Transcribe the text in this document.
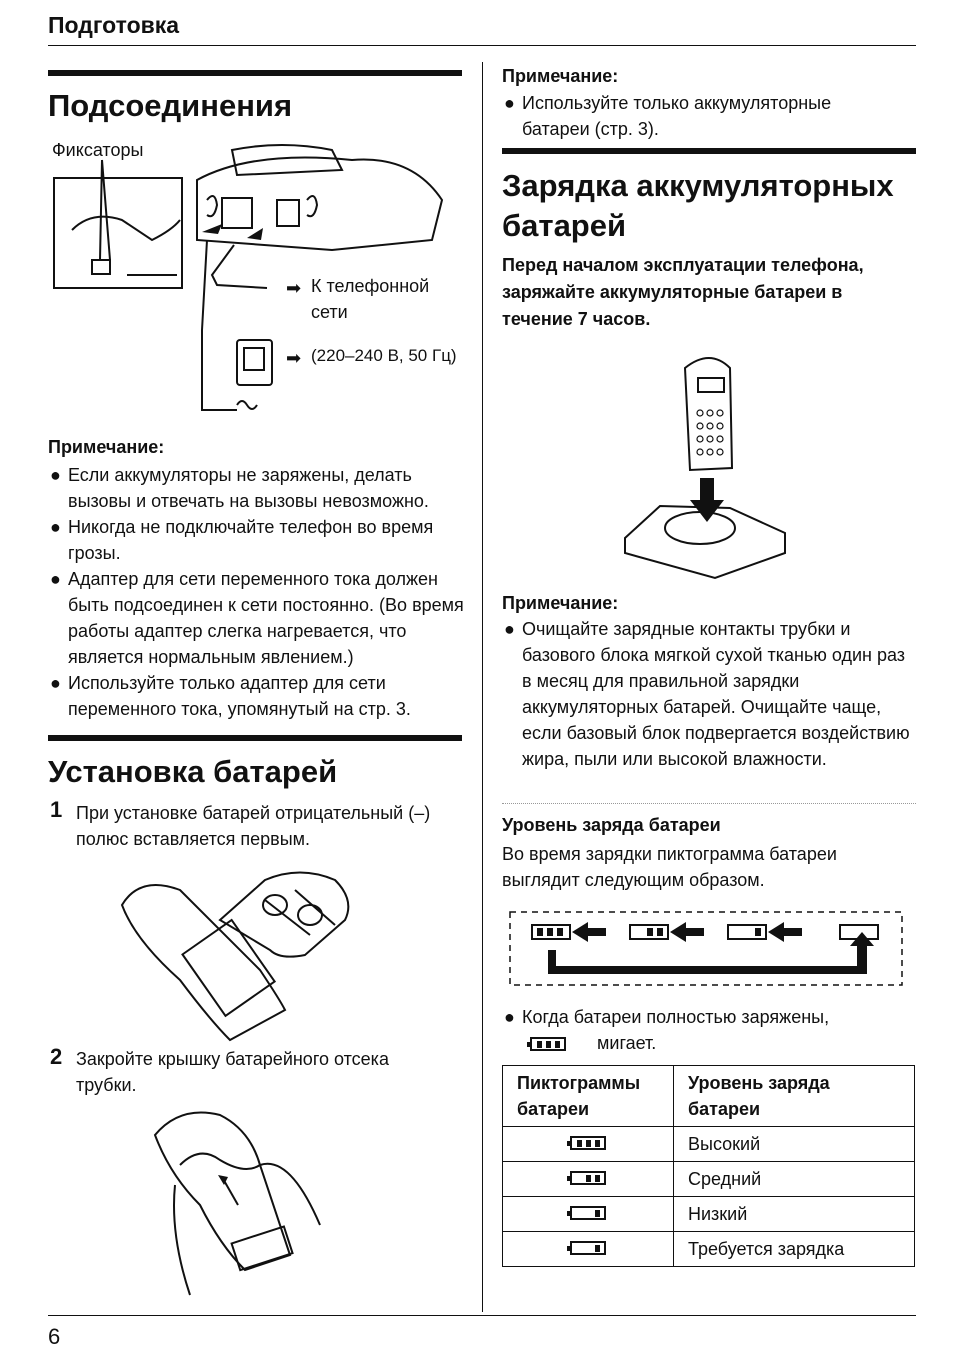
Подготовка
Подсоединения
Фиксаторы
➡ К телефонной
сети
➡ (220–240 В, 50 Гц)
Примечание:
● Если аккумуляторы не заряжены, делать вызовы и отвечать на вызовы невозможно.
● Никогда не подключайте телефон во время грозы.
● Адаптер для сети переменного тока должен быть подсоединен к сети постоянно. (Во время работы адаптер слегка нагревается, что является нормальным явлением.)
● Используйте только адаптер для сети переменного тока, упомянутый на стр. 3.
Установка батарей
1 При установке батарей отрицательный (–) полюс вставляется первым.
2 Закройте крышку батарейного отсека трубки.
Примечание:
● Используйте только аккумуляторные батареи (стр. 3).
Зарядка аккумуляторных батарей
Перед началом эксплуатации телефона, заряжайте аккумуляторные батареи в течение 7 часов.
Примечание:
● Очищайте зарядные контакты трубки и базового блока мягкой сухой тканью один раз в месяц для правильной зарядки аккумуляторных батарей. Очищайте чаще, если базовый блок подвергается воздействию жира, пыли или высокой влажности.
Уровень заряда батареи
Во время зарядки пиктограмма батареи выглядит следующим образом.
● Когда батареи полностью заряжены,
мигает.
Пиктограммы батареи	Уровень заряда батареи

	Высокий

	Средний

	Низкий

	Требуется зарядка
6
